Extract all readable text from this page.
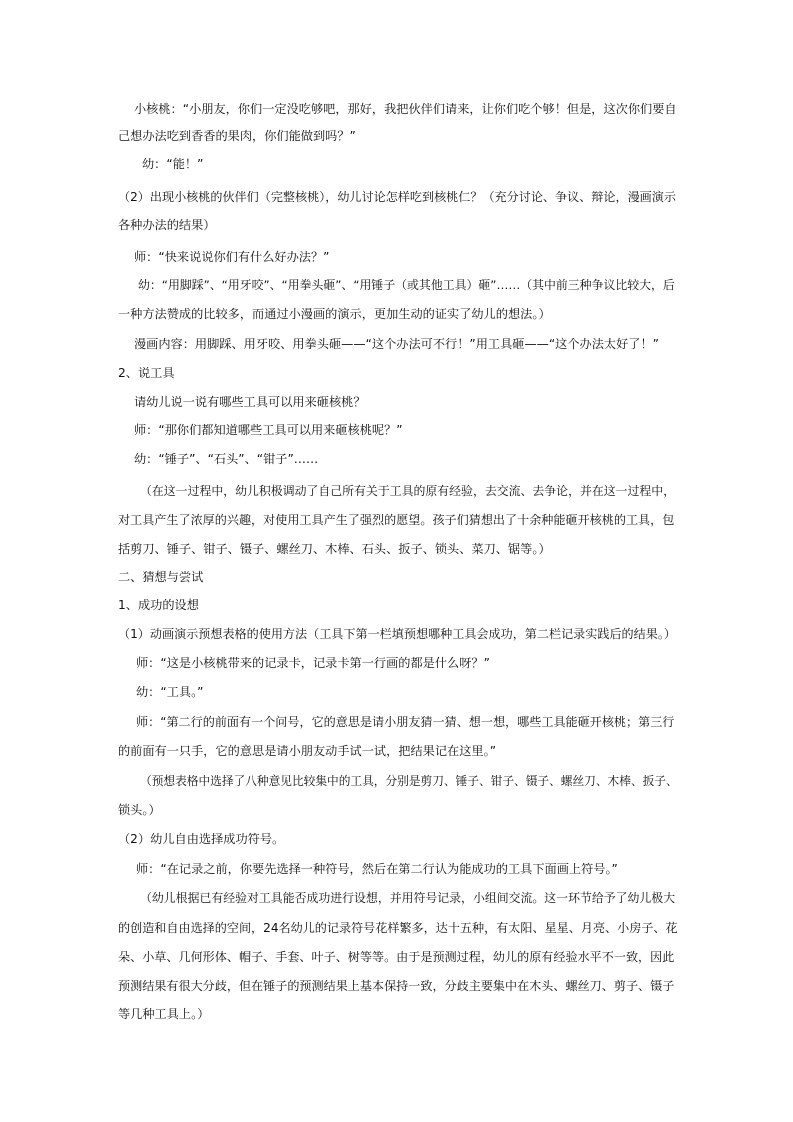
小核桃：“小朋友，你们一定没吃够吧，那好，我把伙伴们请来，让你们吃个够！但是，这次你们要自
己想办法吃到香香的果肉，你们能做到吗？”
幼：“能！”
（2）出现小核桃的伙伴们（完整核桃），幼儿讨论怎样吃到核桃仁？（充分讨论、争议、辩论，漫画演示
各种办法的结果）
师：“快来说说你们有什么好办法？”
幼：“用脚踩”、“用牙咬”、“用拳头砸”、“用锤子（或其他工具）砸”……（其中前三种争议比较大，后
一种方法赞成的比较多，而通过小漫画的演示，更加生动的证实了幼儿的想法。）
漫画内容：用脚踩、用牙咬、用拳头砸——“这个办法可不行！”用工具砸——“这个办法太好了！”
2、说工具
请幼儿说一说有哪些工具可以用来砸核桃？
师：“那你们都知道哪些工具可以用来砸核桃呢？”
幼：“锤子”、“石头”、“钳子”……
（在这一过程中，幼儿积极调动了自己所有关于工具的原有经验，去交流、去争论，并在这一过程中，
对工具产生了浓厚的兴趣，对使用工具产生了强烈的愿望。孩子们猜想出了十余种能砸开核桃的工具，包
括剪刀、锤子、钳子、镊子、螺丝刀、木棒、石头、扳子、锁头、菜刀、锯等。）
二、猜想与尝试
1、成功的设想
（1）动画演示预想表格的使用方法（工具下第一栏填预想哪种工具会成功，第二栏记录实践后的结果。）
师：“这是小核桃带来的记录卡，记录卡第一行画的都是什么呀？”
幼：“工具。”
师：“第二行的前面有一个问号，它的意思是请小朋友猜一猜、想一想，哪些工具能砸开核桃；第三行
的前面有一只手，它的意思是请小朋友动手试一试，把结果记在这里。”
（预想表格中选择了八种意见比较集中的工具，分别是剪刀、锤子、钳子、镊子、螺丝刀、木棒、扳子、
锁头。）
（2）幼儿自由选择成功符号。
师：“在记录之前，你要先选择一种符号，然后在第二行认为能成功的工具下面画上符号。”
（幼儿根据已有经验对工具能否成功进行设想，并用符号记录，小组间交流。这一环节给予了幼儿极大
的创造和自由选择的空间，24名幼儿的记录符号花样繁多，达十五种，有太阳、星星、月亮、小房子、花
朵、小草、几何形体、帽子、手套、叶子、树等等。由于是预测过程，幼儿的原有经验水平不一致，因此
预测结果有很大分歧，但在锤子的预测结果上基本保持一致，分歧主要集中在木头、螺丝刀、剪子、镊子
等几种工具上。）
